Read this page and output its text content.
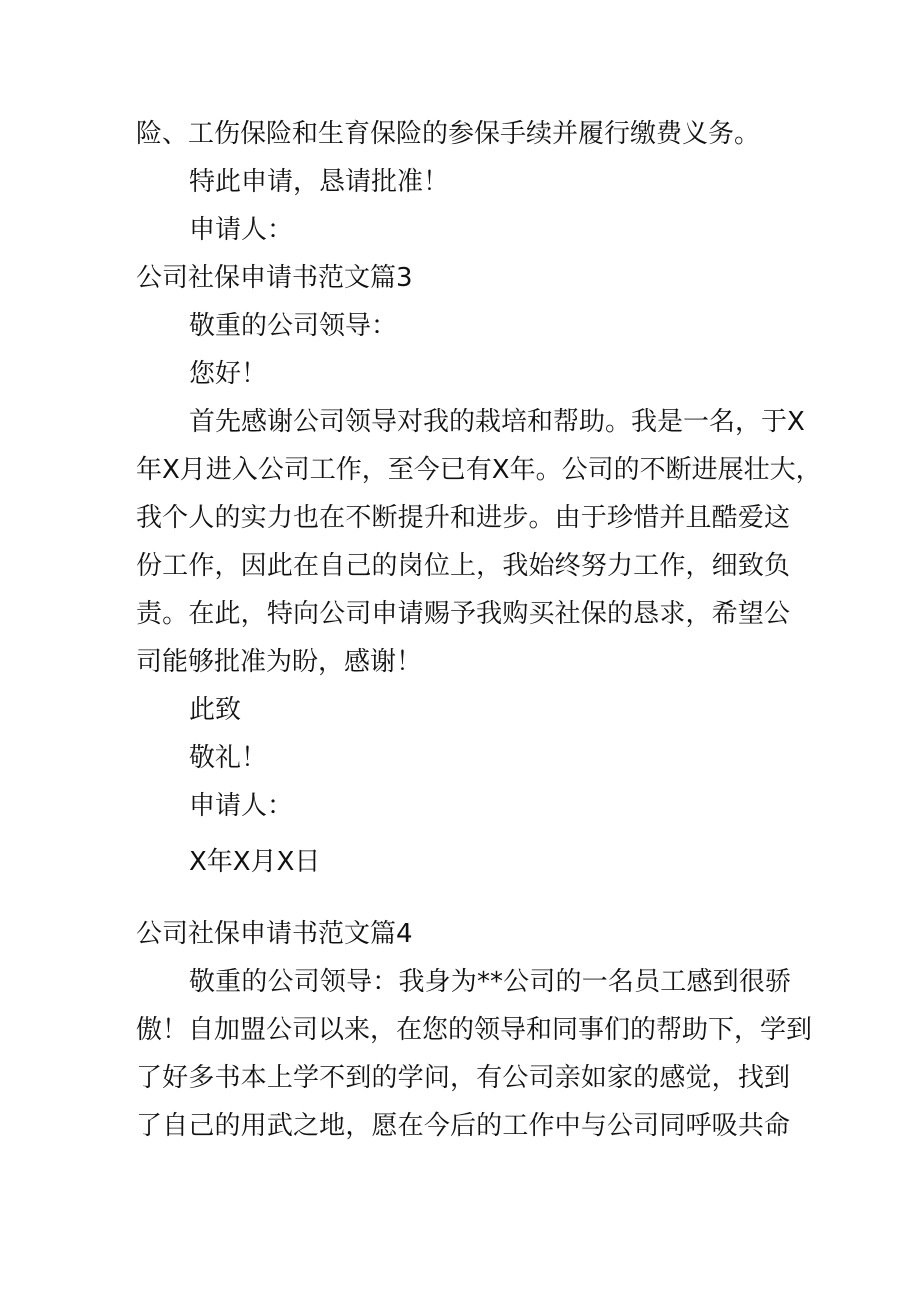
险、工伤保险和生育保险的参保手续并履行缴费义务。
特此申请，恳请批准！
申请人：
公司社保申请书范文篇3
敬重的公司领导：
您好！
首先感谢公司领导对我的栽培和帮助。我是一名，于X
年X月进入公司工作，至今已有X年。公司的不断进展壮大，
我个人的实力也在不断提升和进步。由于珍惜并且酷爱这
份工作，因此在自己的岗位上，我始终努力工作，细致负
责。在此，特向公司申请赐予我购买社保的恳求，希望公
司能够批准为盼，感谢！
此致
敬礼！
申请人：
X年X月X日
公司社保申请书范文篇4
敬重的公司领导：我身为**公司的一名员工感到很骄
傲！自加盟公司以来，在您的领导和同事们的帮助下，学到
了好多书本上学不到的学问，有公司亲如家的感觉，找到
了自己的用武之地，愿在今后的工作中与公司同呼吸共命
